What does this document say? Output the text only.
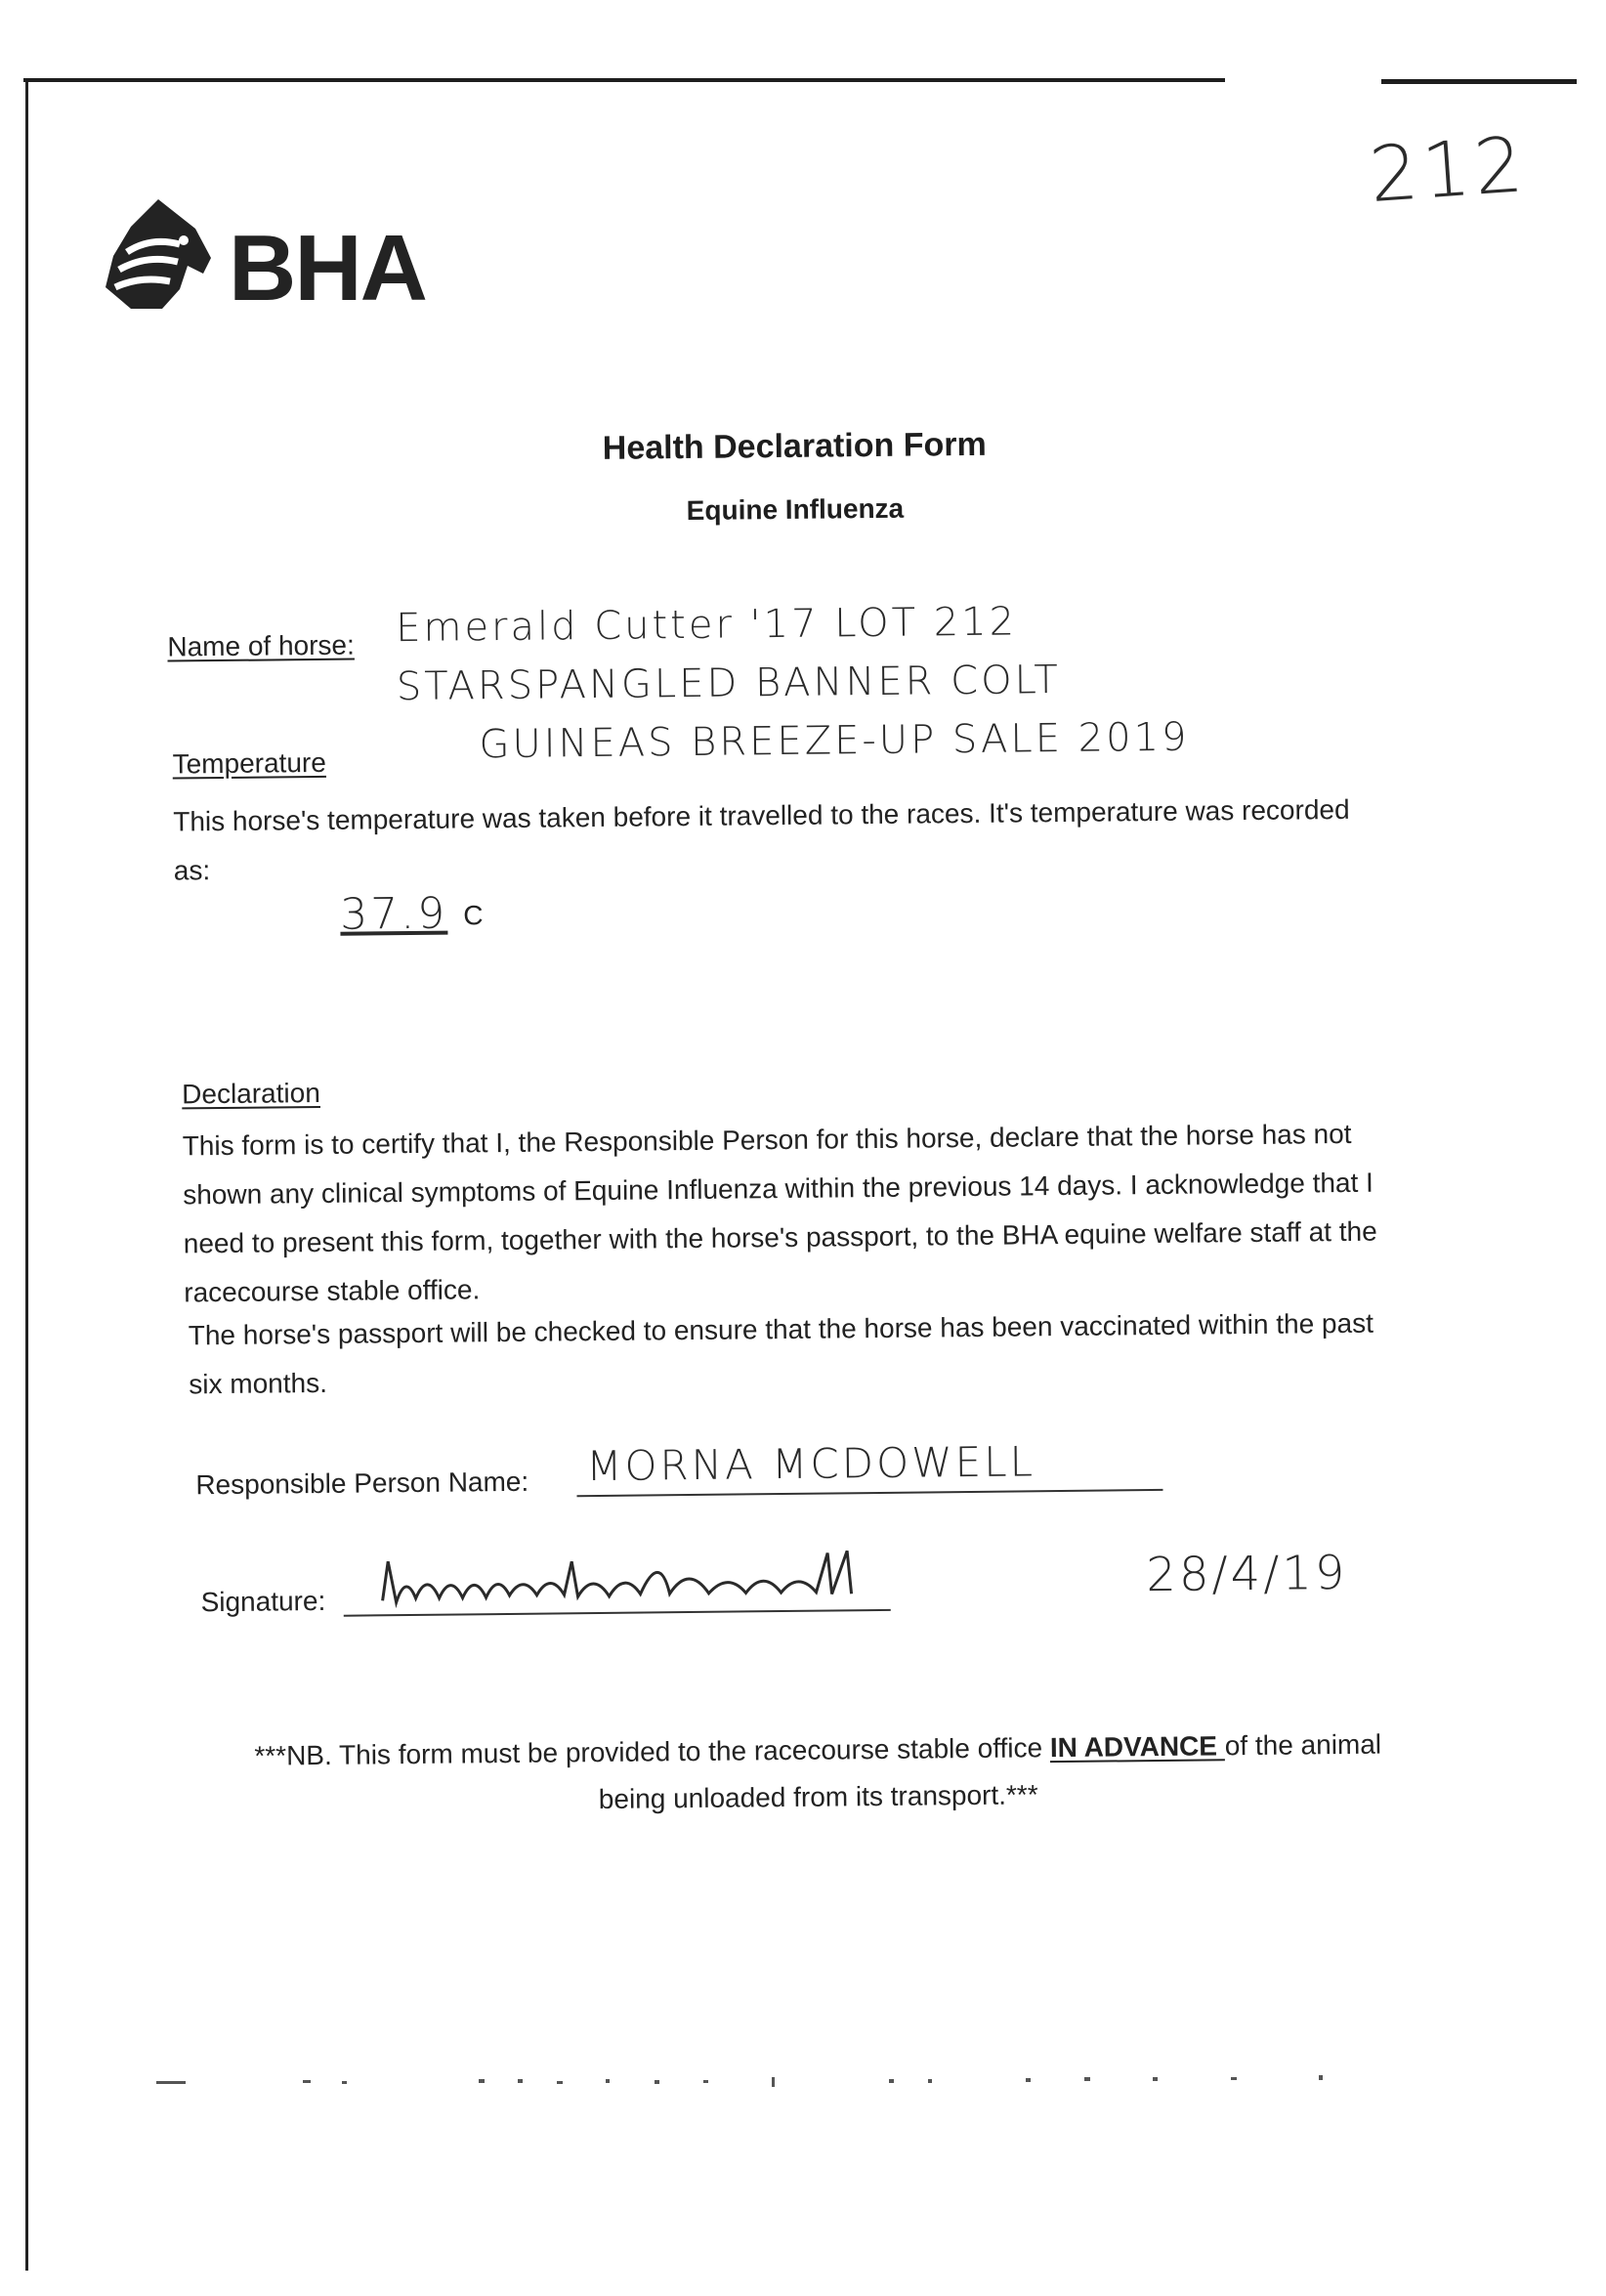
212
BHA
Health Declaration Form
Equine Influenza
Name of horse: Emerald Cutter '17 LOT 212
STARSPANGLED BANNER COLT
GUINEAS BREEZE-UP SALE 2019
Temperature
This horse's temperature was taken before it travelled to the races. It's temperature was recorded as:
37.9 C
Declaration
This form is to certify that I, the Responsible Person for this horse, declare that the horse has not shown any clinical symptoms of Equine Influenza within the previous 14 days. I acknowledge that I need to present this form, together with the horse's passport, to the BHA equine welfare staff at the racecourse stable office.
The horse's passport will be checked to ensure that the horse has been vaccinated within the past six months.
Responsible Person Name: MORNA MCDOWELL
Signature:	28/4/19
Morna McDowell
***NB. This form must be provided to the racecourse stable office IN ADVANCE of the animal being unloaded from its transport.***
